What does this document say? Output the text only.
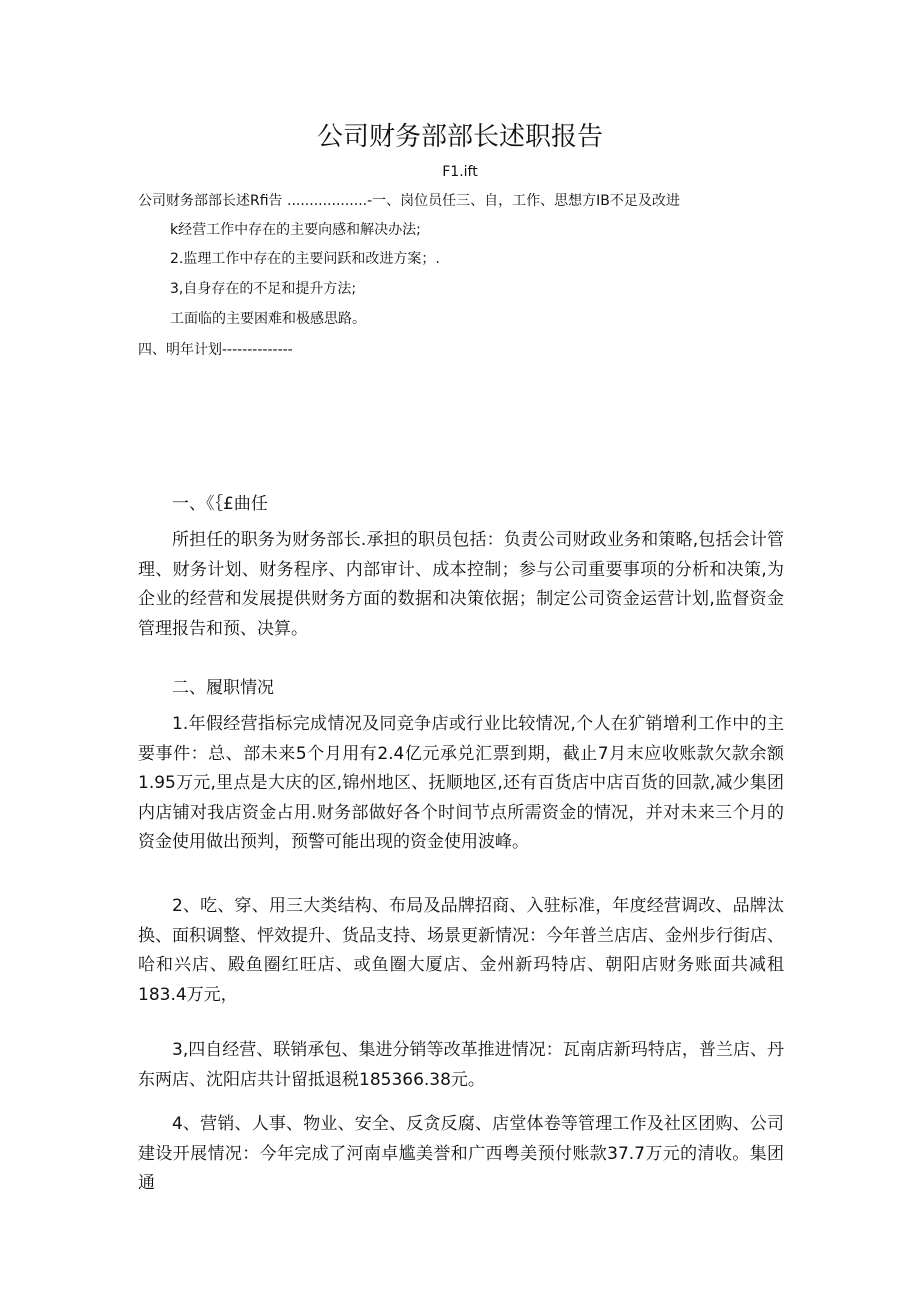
公司财务部部长述职报告
F1.ift
公司财务部部长述Rfi告 ..................-一、岗位员任三、自，工作、思想方IB不足及改进
k经营工作中存在的主要向感和解决办法;
2.监理工作中存在的主要问跃和改进方案；.
3,自身存在的不足和提升方法;
工面临的主要困难和极感思路。
四、明年计划--------------
一、《｛£曲任

所担任的职务为财务部长.承担的职员包括：负责公司财政业务和策略,包括会计管理、财务计划、财务程序、内部审计、成本控制；参与公司重要事项的分析和决策,为企业的经营和发展提供财务方面的数据和决策依据；制定公司资金运营计划,监督资金管理报告和预、决算。

二、履职情况

1.年假经营指标完成情况及同竞争店或行业比较情况,个人在犷销增利工作中的主要事件：总、部未来5个月用有2.4亿元承兑汇票到期，截止7月末应收账款欠款余额1.95万元,里点是大庆的区,锦州地区、抚顺地区,还有百货店中店百货的回款,减少集团内店铺对我店资金占用.财务部做好各个时间节点所需资金的情况，并对未来三个月的资金使用做出预判，预警可能出现的资金使用波峰。

2、吃、穿、用三大类结构、布局及品牌招商、入驻标准，年度经营调改、品牌汰换、面积调整、怦效提升、货品支持、场景更新情况：今年普兰店店、金州步行街店、哈和兴店、殿鱼圈红旺店、或鱼圈大厦店、金州新玛特店、朝阳店财务账面共减租183.4万元，

3,四自经营、联销承包、集进分销等改革推进情况：瓦南店新玛特店，普兰店、丹东两店、沈阳店共计留抵退税185366.38元。

4、营销、人事、物业、安全、反贪反腐、店堂体卷等管理工作及社区团购、公司建设开展情况：今年完成了河南卓尴美誉和广西粤美预付账款37.7万元的清收。集团通
